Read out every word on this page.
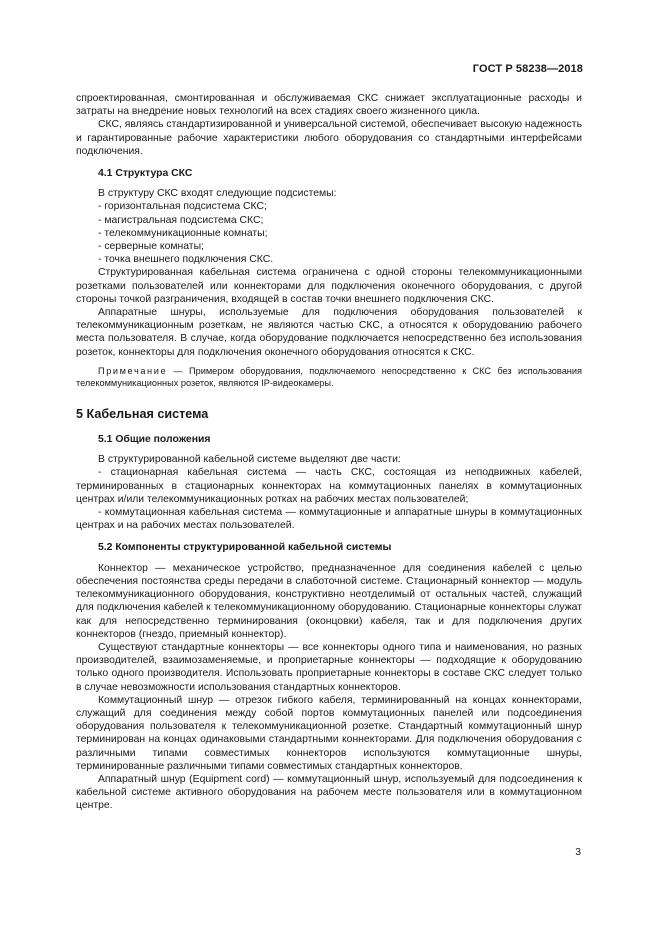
ГОСТ Р 58238—2018

спроектированная, смонтированная и обслуживаемая СКС снижает эксплуатационные расходы и затраты на внедрение новых технологий на всех стадиях своего жизненного цикла.

СКС, являясь стандартизированной и универсальной системой, обеспечивает высокую надежность и гарантированные рабочие характеристики любого оборудования со стандартными интерфейсами подключения.

4.1 Структура СКС

В структуру СКС входят следующие подсистемы:

- горизонтальная подсистема СКС;

- магистральная подсистема СКС;

- телекоммуникационные комнаты;

- серверные комнаты;

- точка внешнего подключения СКС.

Структурированная кабельная система ограничена с одной стороны телекоммуникационными розетками пользователей или коннекторами для подключения оконечного оборудования, с другой стороны точкой разграничения, входящей в состав точки внешнего подключения СКС.

Аппаратные шнуры, используемые для подключения оборудования пользователей к телекоммуникационным розеткам, не являются частью СКС, а относятся к оборудованию рабочего места пользователя. В случае, когда оборудование подключается непосредственно без использования розеток, коннекторы для подключения оконечного оборудования относятся к СКС.

Примечание — Примером оборудования, подключаемого непосредственно к СКС без использования телекоммуникационных розеток, являются IP-видеокамеры.

5 Кабельная система
5.1 Общие положения

В структурированной кабельной системе выделяют две части:

- стационарная кабельная система — часть СКС, состоящая из неподвижных кабелей, терминированных в стационарных коннекторах на коммутационных панелях в коммутационных центрах и/или телекоммуникационных ротках на рабочих местах пользователей;

- коммутационная кабельная система — коммутационные и аппаратные шнуры в коммутационных центрах и на рабочих местах пользователей.

5.2 Компоненты структурированной кабельной системы

Коннектор — механическое устройство, предназначенное для соединения кабелей с целью обеспечения постоянства среды передачи в слаботочной системе. Стационарный коннектор — модуль телекоммуникационного оборудования, конструктивно неотделимый от остальных частей, служащий для подключения кабелей к телекоммуникационному оборудованию. Стационарные коннекторы служат как для непосредственно терминирования (оконцовки) кабеля, так и для подключения других коннекторов (гнездо, приемный коннектор).

Существуют стандартные коннекторы — все коннекторы одного типа и наименования, но разных производителей, взаимозаменяемые, и проприетарные коннекторы — подходящие к оборудованию только одного производителя. Использовать проприетарные коннекторы в составе СКС следует только в случае невозможности использования стандартных коннекторов.

Коммутационный шнур — отрезок гибкого кабеля, терминированный на концах коннекторами, служащий для соединения между собой портов коммутационных панелей или подсоединения оборудования пользователя к телекоммуникационной розетке. Стандартный коммутационный шнур терминирован на концах одинаковыми стандартными коннекторами. Для подключения оборудования с различными типами совместимых коннекторов используются коммутационные шнуры, терминированные различными типами совместимых стандартных коннекторов.

Аппаратный шнур (Equipment cord) — коммутационный шнур, используемый для подсоединения к кабельной системе активного оборудования на рабочем месте пользователя или в коммутационном центре.

3
